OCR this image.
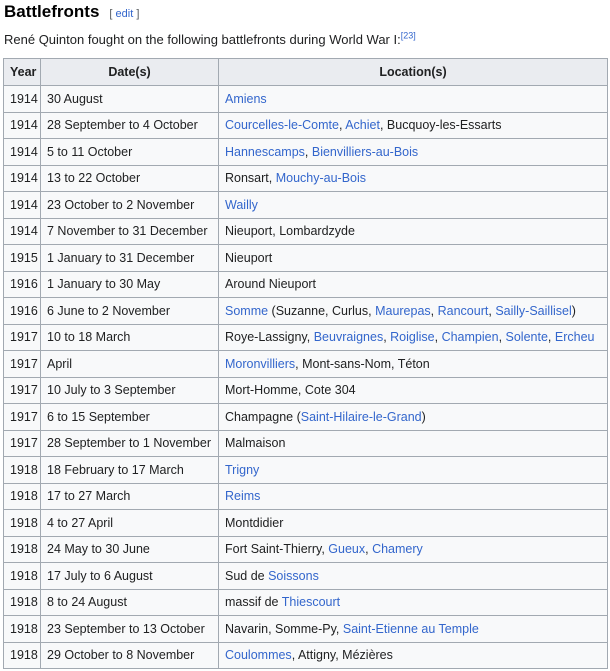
Battlefronts [ edit ]

René Quinton fought on the following battlefronts during World War I:[23]

Year	Date(s)	Location(s)
1914	30 August	Amiens
1914	28 September to 4 October	Courcelles-le-Comte, Achiet, Bucquoy-les-Essarts
1914	5 to 11 October	Hannescamps, Bienvilliers-au-Bois
1914	13 to 22 October	Ronsart, Mouchy-au-Bois
1914	23 October to 2 November	Wailly
1914	7 November to 31 December	Nieuport, Lombardzyde
1915	1 January to 31 December	Nieuport
1916	1 January to 30 May	Around Nieuport
1916	6 June to 2 November	Somme (Suzanne, Curlus, Maurepas, Rancourt, Sailly-Saillisel)
1917	10 to 18 March	Roye-Lassigny, Beuvraignes, Roiglise, Champien, Solente, Ercheu
1917	April	Moronvilliers, Mont-sans-Nom, Téton
1917	10 July to 3 September	Mort-Homme, Cote 304
1917	6 to 15 September	Champagne (Saint-Hilaire-le-Grand)
1917	28 September to 1 November	Malmaison
1918	18 February to 17 March	Trigny
1918	17 to 27 March	Reims
1918	4 to 27 April	Montdidier
1918	24 May to 30 June	Fort Saint-Thierry, Gueux, Chamery
1918	17 July to 6 August	Sud de Soissons
1918	8 to 24 August	massif de Thiescourt
1918	23 September to 13 October	Navarin, Somme-Py, Saint-Etienne au Temple
1918	29 October to 8 November	Coulommes, Attigny, Mézières
